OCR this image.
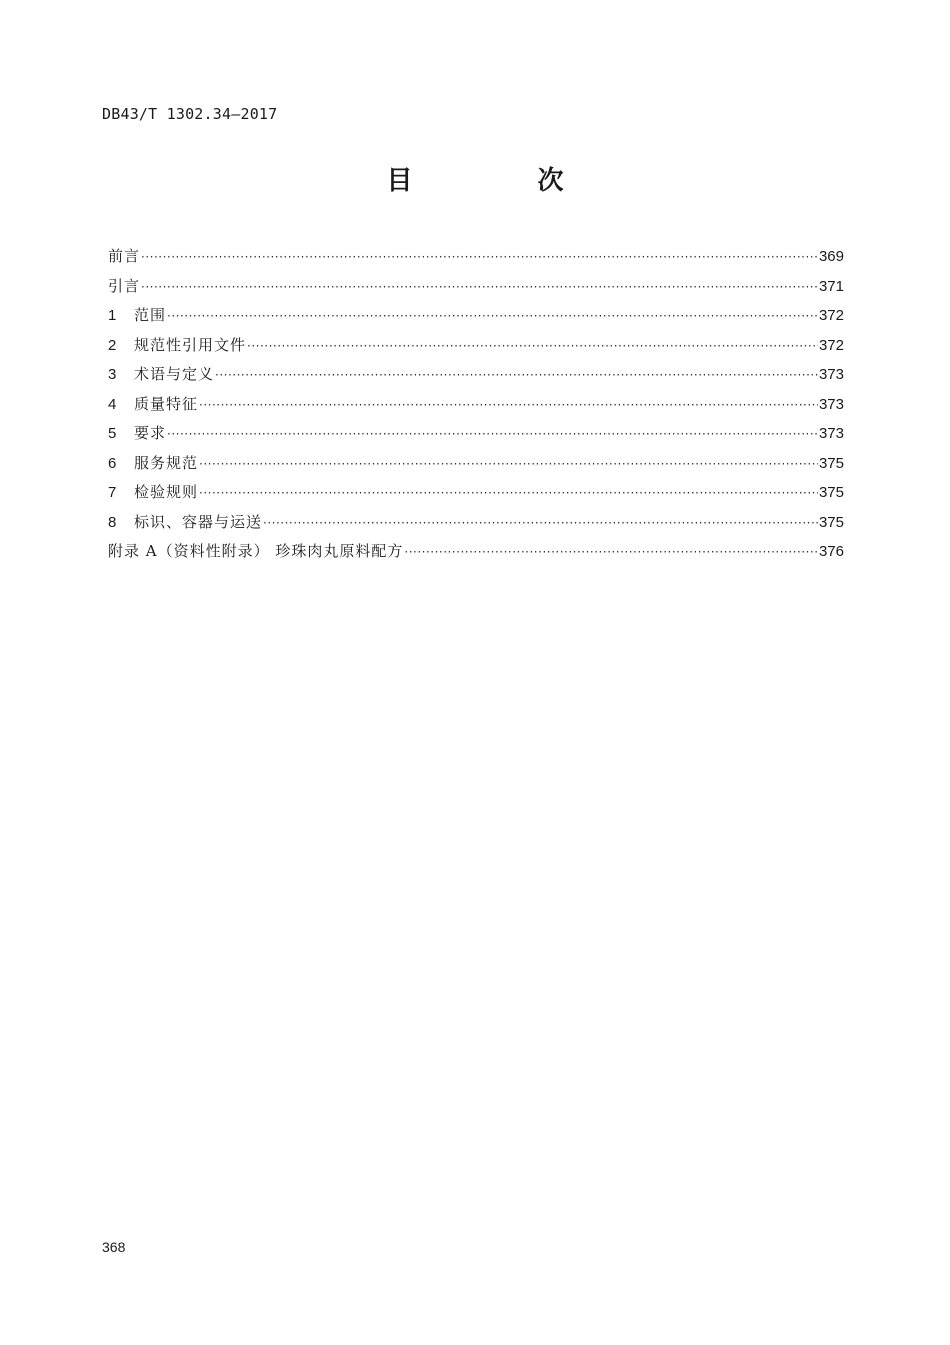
DB43/T 1302.34—2017
目 次
前言 ·····	369
引言 ·····	371
1	范围 ·····	372
2	规范性引用文件 ·····	372
3	术语与定义 ·····	373
4	质量特征 ·····	373
5	要求 ·····	373
6	服务规范 ·····	375
7	检验规则 ·····	375
8	标识、容器与运送 ·····	375
附录 A（资料性附录） 珍珠肉丸原料配方 ·····	376
368
